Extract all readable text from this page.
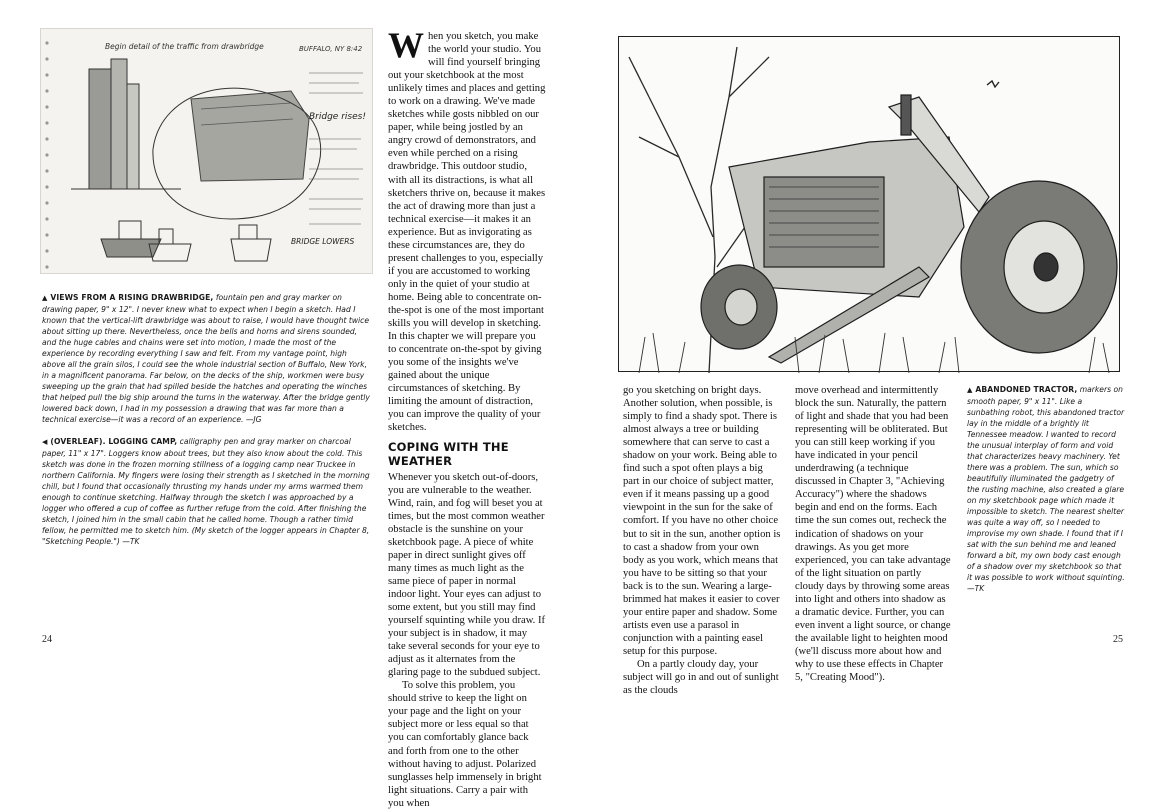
Begin detail of the traffic from drawbridge	BUFFALO, NY 8:42
Bridge rises!
BRIDGE LOWERS
▲ VIEWS FROM A RISING DRAWBRIDGE, fountain pen and gray marker on drawing paper, 9" x 12". I never knew what to expect when I begin a sketch. Had I known that the vertical-lift drawbridge was about to raise, I would have thought twice about sitting up there. Nevertheless, once the bells and horns and sirens sounded, and the huge cables and chains were set into motion, I made the most of the experience by recording everything I saw and felt. From my vantage point, high above all the grain silos, I could see the whole industrial section of Buffalo, New York, in a magnificent panorama. Far below, on the decks of the ship, workmen were busy sweeping up the grain that had spilled beside the hatches and operating the winches that helped pull the big ship around the turns in the waterway. After the bridge gently lowered back down, I had in my possession a drawing that was far more than a technical exercise—it was a record of an experience. —JG
◀ (OVERLEAF). LOGGING CAMP, calligraphy pen and gray marker on charcoal paper, 11" x 17". Loggers know about trees, but they also know about the cold. This sketch was done in the frozen morning stillness of a logging camp near Truckee in northern California. My fingers were losing their strength as I sketched in the morning chill, but I found that occasionally thrusting my hands under my arms warmed them enough to continue sketching. Halfway through the sketch I was approached by a logger who offered a cup of coffee as further refuge from the cold. After finishing the sketch, I joined him in the small cabin that he called home. Though a rather timid fellow, he permitted me to sketch him. (My sketch of the logger appears in Chapter 8, "Sketching People.") —TK
24

When you sketch, you make the world your studio. You will find yourself bringing out your sketchbook at the most unlikely times and places and getting to work on a drawing. We've made sketches while gosts nibbled on our paper, while being jostled by an angry crowd of demonstrators, and even while perched on a rising drawbridge. This outdoor studio, with all its distractions, is what all sketchers thrive on, because it makes the act of drawing more than just a technical exercise—it makes it an experience. But as invigorating as these circumstances are, they do present challenges to you, especially if you are accustomed to working only in the quiet of your studio at home. Being able to concentrate on-the-spot is one of the most important skills you will develop in sketching.

In this chapter we will prepare you to concentrate on-the-spot by giving you some of the insights we've gained about the unique circumstances of sketching. By limiting the amount of distraction, you can improve the quality of your sketches.

COPING WITH THE WEATHER

Whenever you sketch out-of-doors, you are vulnerable to the weather. Wind, rain, and fog will beset you at times, but the most common weather obstacle is the sunshine on your sketchbook page. A piece of white paper in direct sunlight gives off many times as much light as the same piece of paper in normal indoor light. Your eyes can adjust to some extent, but you still may find yourself squinting while you draw. If your subject is in shadow, it may take several seconds for your eye to adjust as it alternates from the glaring page to the subdued subject.

To solve this problem, you should strive to keep the light on your page and the light on your subject more or less equal so that you can comfortably glance back and forth from one to the other without having to adjust. Polarized sunglasses help immensely in bright light situations. Carry a pair with you when

go you sketching on bright days. Another solution, when possible, is simply to find a shady spot. There is almost always a tree or building somewhere that can serve to cast a shadow on your work. Being able to find such a spot often plays a big part in our choice of subject matter, even if it means passing up a good viewpoint in the sun for the sake of comfort. If you have no other choice but to sit in the sun, another option is to cast a shadow from your own body as you work, which means that you have to be sitting so that your back is to the sun. Wearing a large-brimmed hat makes it easier to cover your entire paper and shadow. Some artists even use a parasol in conjunction with a painting easel setup for this purpose.

On a partly cloudy day, your subject will go in and out of sunlight as the clouds

move overhead and intermittently block the sun. Naturally, the pattern of light and shade that you had been representing will be obliterated. But you can still keep working if you have indicated in your pencil underdrawing (a technique discussed in Chapter 3, "Achieving Accuracy") where the shadows begin and end on the forms. Each time the sun comes out, recheck the indication of shadows on your drawings. As you get more experienced, you can take advantage of the light situation on partly cloudy days by throwing some areas into light and others into shadow as a dramatic device. Further, you can even invent a light source, or change the available light to heighten mood (we'll discuss more about how and why to use these effects in Chapter 5, "Creating Mood").

▲ ABANDONED TRACTOR, markers on smooth paper, 9" x 11". Like a sunbathing robot, this abandoned tractor lay in the middle of a brightly lit Tennessee meadow. I wanted to record the unusual interplay of form and void that characterizes heavy machinery. Yet there was a problem. The sun, which so beautifully illuminated the gadgetry of the rusting machine, also created a glare on my sketchbook page which made it impossible to sketch. The nearest shelter was quite a way off, so I needed to improvise my own shade. I found that if I sat with the sun behind me and leaned forward a bit, my own body cast enough of a shadow over my sketchbook so that it was possible to work without squinting. —TK
25
